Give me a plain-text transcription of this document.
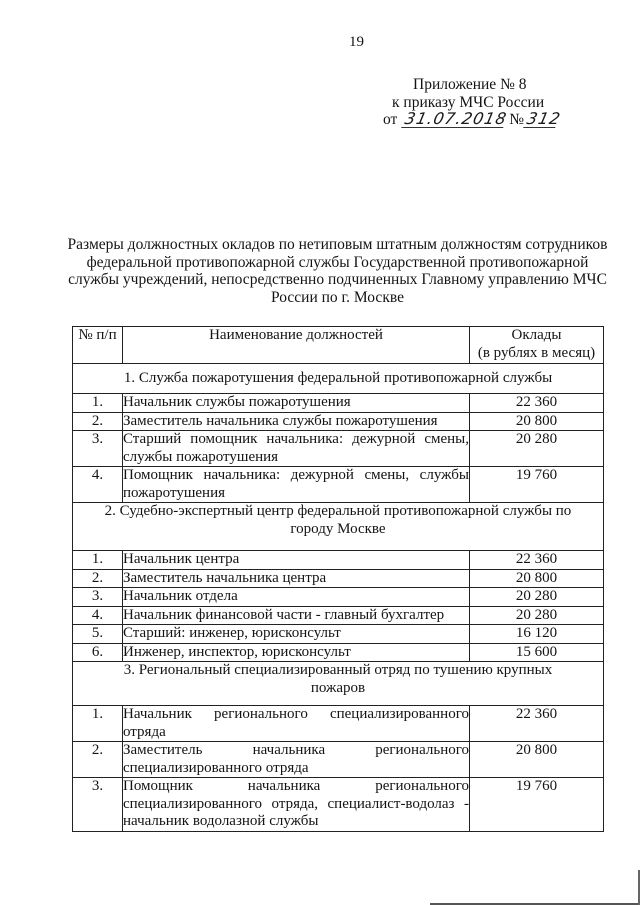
19
Приложение № 8
к приказу МЧС России
от 31.07.2018№312
Размеры должностных окладов по нетиповым штатным должностям сотрудников
федеральной противопожарной службы Государственной противопожарной
службы учреждений, непосредственно подчиненных Главному управлению МЧС
России по г. Москве
№ п/п	Наименование должностей	Оклады
(в рублях в месяц)

1. Служба пожаротушения федеральной противопожарной службы		

1.	Начальник службы пожаротушения	22 360
2.	Заместитель начальника службы пожаротушения	20 800
3.	Старший помощник начальника: дежурной смены, службы пожаротушения	20 280
4.	Помощник начальника: дежурной смены, службы пожаротушения	19 760

2. Судебно-экспертный центр федеральной противопожарной службы по
городу Москве		

1.	Начальник центра	22 360
2.	Заместитель начальника центра	20 800
3.	Начальник отдела	20 280
4.	Начальник финансовой части - главный бухгалтер	20 280
5.	Старший: инженер, юрисконсульт	16 120
6.	Инженер, инспектор, юрисконсульт	15 600

3. Региональный специализированный отряд по тушению крупных
пожаров		

1.	Начальник регионального специализированного отряда	22 360
2.	Заместитель начальника регионального специализированного отряда	20 800
3.	Помощник начальника регионального специализированного отряда, специалист-водолаз - начальник водолазной службы	19 760
